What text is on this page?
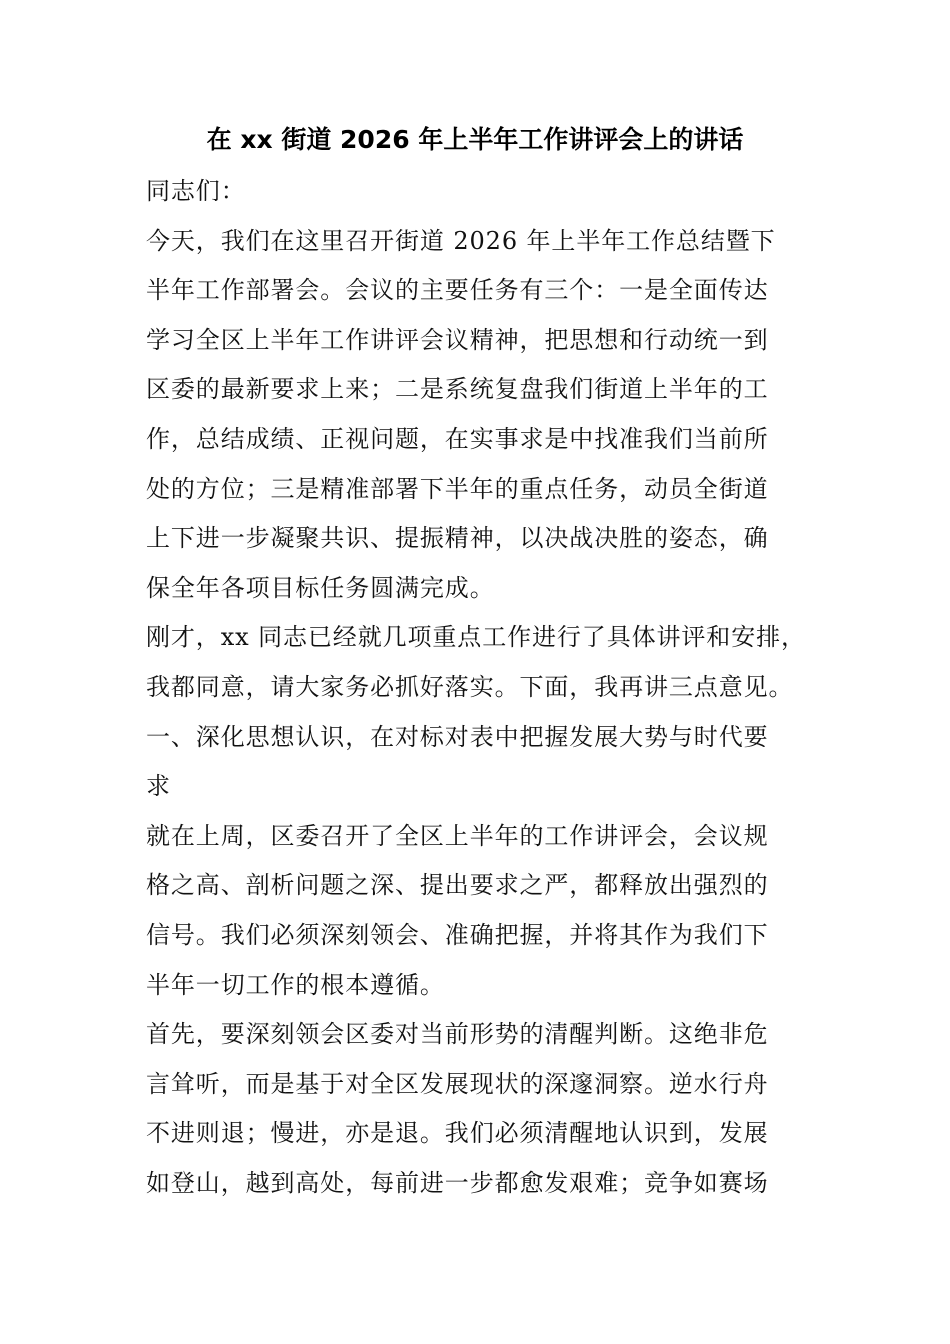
在 xx 街道 2026 年上半年工作讲评会上的讲话
同志们：
今天，我们在这里召开街道 2026 年上半年工作总结暨下
半年工作部署会。会议的主要任务有三个：一是全面传达
学习全区上半年工作讲评会议精神，把思想和行动统一到
区委的最新要求上来；二是系统复盘我们街道上半年的工
作，总结成绩、正视问题，在实事求是中找准我们当前所
处的方位；三是精准部署下半年的重点任务，动员全街道
上下进一步凝聚共识、提振精神，以决战决胜的姿态，确
保全年各项目标任务圆满完成。
刚才，xx 同志已经就几项重点工作进行了具体讲评和安排，
我都同意，请大家务必抓好落实。下面，我再讲三点意见。
一、深化思想认识，在对标对表中把握发展大势与时代要
求
就在上周，区委召开了全区上半年的工作讲评会，会议规
格之高、剖析问题之深、提出要求之严，都释放出强烈的
信号。我们必须深刻领会、准确把握，并将其作为我们下
半年一切工作的根本遵循。
首先，要深刻领会区委对当前形势的清醒判断。这绝非危
言耸听，而是基于对全区发展现状的深邃洞察。逆水行舟
不进则退；慢进，亦是退。我们必须清醒地认识到，发展
如登山，越到高处，每前进一步都愈发艰难；竞争如赛场
